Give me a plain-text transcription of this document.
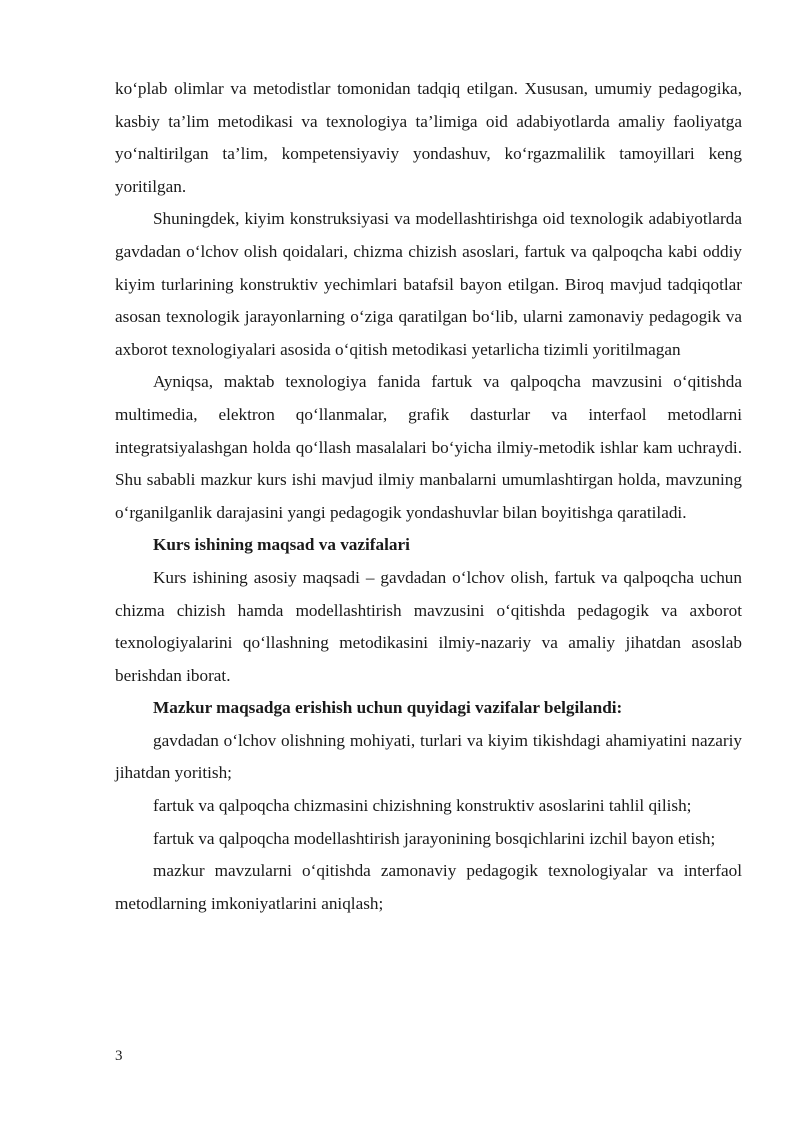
ko‘plab olimlar va metodistlar tomonidan tadqiq etilgan. Xususan, umumiy pedagogika, kasbiy ta’lim metodikasi va texnologiya ta’limiga oid adabiyotlarda amaliy faoliyatga yo‘naltirilgan ta’lim, kompetensiyaviy yondashuv, ko‘rgazmalilik tamoyillari keng yoritilgan.

Shuningdek, kiyim konstruksiyasi va modellashtirishga oid texnologik adabiyotlarda gavdadan o‘lchov olish qoidalari, chizma chizish asoslari, fartuk va qalpoqcha kabi oddiy kiyim turlarining konstruktiv yechimlari batafsil bayon etilgan. Biroq mavjud tadqiqotlar asosan texnologik jarayonlarning o‘ziga qaratilgan bo‘lib, ularni zamonaviy pedagogik va axborot texnologiyalari asosida o‘qitish metodikasi yetarlicha tizimli yoritilmagan

Ayniqsa, maktab texnologiya fanida fartuk va qalpoqcha mavzusini o‘qitishda multimedia, elektron qo‘llanmalar, grafik dasturlar va interfaol metodlarni integratsiyalashgan holda qo‘llash masalalari bo‘yicha ilmiy-metodik ishlar kam uchraydi. Shu sababli mazkur kurs ishi mavjud ilmiy manbalarni umumlashtirgan holda, mavzuning o‘rganilganlik darajasini yangi pedagogik yondashuvlar bilan boyitishga qaratiladi.

Kurs ishining maqsad va vazifalari

Kurs ishining asosiy maqsadi – gavdadan o‘lchov olish, fartuk va qalpoqcha uchun chizma chizish hamda modellashtirish mavzusini o‘qitishda pedagogik va axborot texnologiyalarini qo‘llashning metodikasini ilmiy-nazariy va amaliy jihatdan asoslab berishdan iborat.

Mazkur maqsadga erishish uchun quyidagi vazifalar belgilandi:

gavdadan o‘lchov olishning mohiyati, turlari va kiyim tikishdagi ahamiyatini nazariy jihatdan yoritish;

fartuk va qalpoqcha chizmasini chizishning konstruktiv asoslarini tahlil qilish;

fartuk va qalpoqcha modellashtirish jarayonining bosqichlarini izchil bayon etish;

mazkur mavzularni o‘qitishda zamonaviy pedagogik texnologiyalar va interfaol metodlarning imkoniyatlarini aniqlash;

3
